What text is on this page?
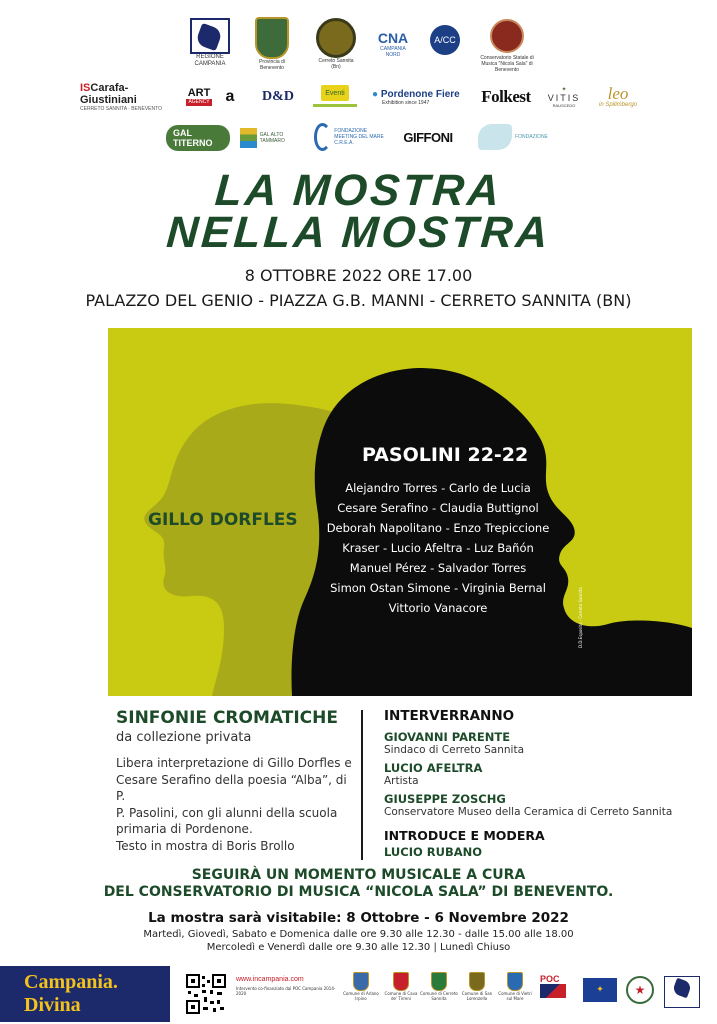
REGIONE CAMPANIA	Provincia di Benevento
Cerreto Sannita (Bn)
CNA
CAMPANIA NORD
A/CC
Conservatorio Statale di Musica "Nicola Sala" di Benevento
ISCarafa-Giustiniani
CERRETO SANNITA · BENEVENTO
ART
AGENCY a D&D	Eventi	● Pordenone Fiere
Exhibition since 1947	Folkest	✦
VITIS
RAUSCEDO
leo
in Spilimbergo
GAL TITERNO
GAL ALTO TAMMARO
FONDAZIONE MEETING DEL MARE C.R.E.A.	GIFFONI	FONDAZIONE
LA MOSTRA
NELLA MOSTRA
8 OTTOBRE 2022 ORE 17.00
PALAZZO DEL GENIO - PIAZZA G.B. MANNI - CERRETO SANNITA (BN)
GILLO DORFLES
PASOLINI 22-22
Alejandro Torres - Carlo de Lucia
Cesare Serafino - Claudia Buttignol
Deborah Napolitano - Enzo Trepiccione
Kraser - Lucio Afeltra - Luz Bañón
Manuel Pérez - Salvador Torres
Simon Ostan Simone - Virginia Bernal
Vittorio Vanacore	D.D.Esposito · Cerreto Sannita
SINFONIE CROMATICHE
da collezione privata
Libera interpretazione di Gillo Dorfles e
Cesare Serafino della poesia “Alba”, di P.
P. Pasolini, con gli alunni della scuola
primaria di Pordenone.
Testo in mostra di Boris Brollo
INTERVERRANNO
GIOVANNI PARENTE
Sindaco di Cerreto Sannita
LUCIO AFELTRA
Artista
GIUSEPPE ZOSCHG
Conservatore Museo della Ceramica di Cerreto Sannita
INTRODUCE E MODERA
LUCIO RUBANO
SEGUIRÀ UN MOMENTO MUSICALE A CURA
DEL CONSERVATORIO DI MUSICA “NICOLA SALA” DI BENEVENTO.
La mostra sarà visitabile: 8 Ottobre - 6 Novembre 2022
Martedì, Giovedì, Sabato e Domenica dalle ore 9.30 alle 12.30 - dalle 15.00 alle 18.00
Mercoledì e Venerdì dalle ore 9.30 alle 12.30 | Lunedì Chiuso
Campania.
Divina
www.incampania.com
Intervento co-finanziato dal POC Campania 2014-2020	Comune di Arlano Irpino
Comune di Cava de' Tirreni
Comune di Cerreto Sannita
Comune di San Lorenzello
Comune di Vietri sul Mare
POC
✦	★
